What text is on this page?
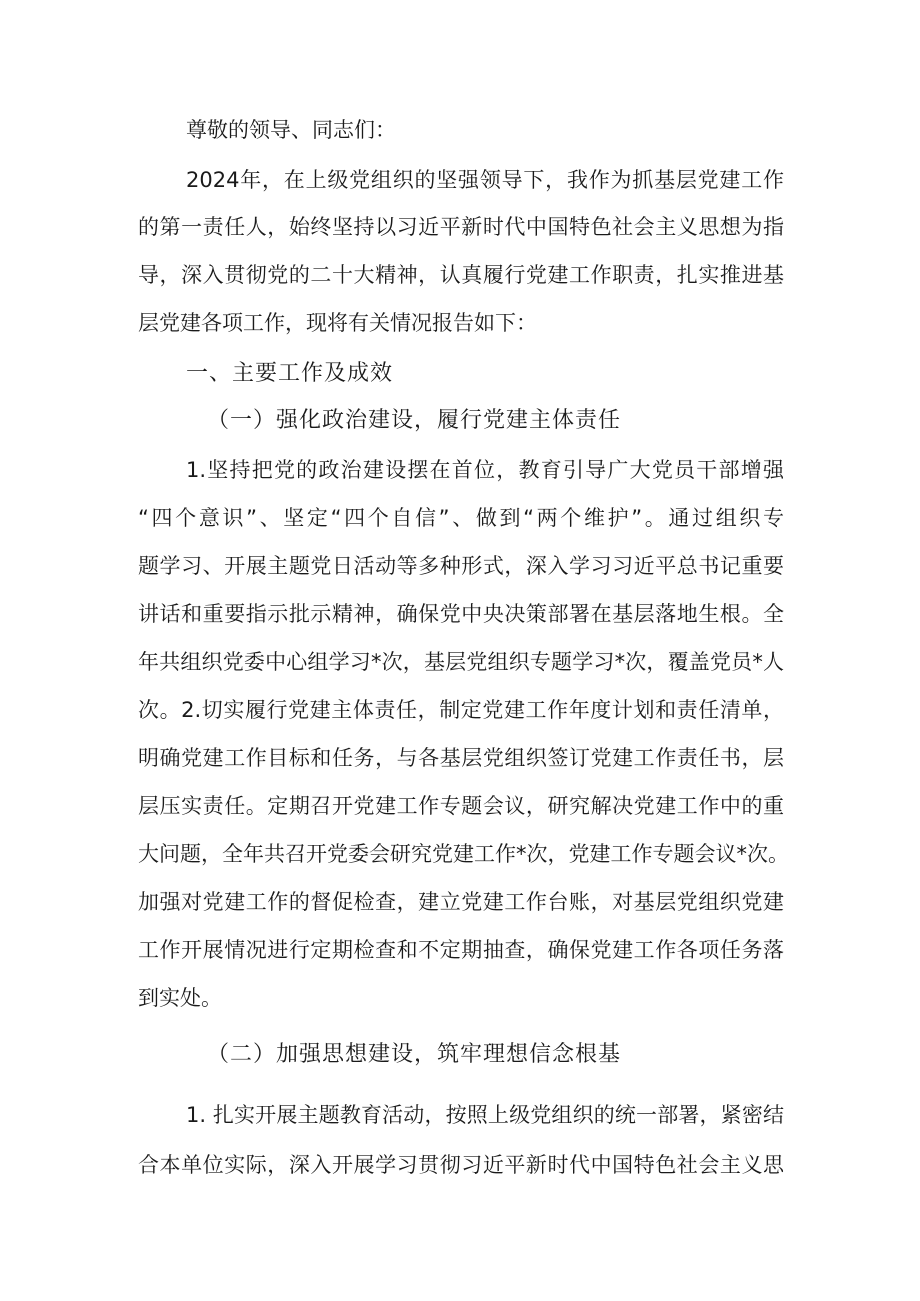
尊敬的领导、同志们：
2024年，在上级党组织的坚强领导下，我作为抓基层党建工作
的第一责任人，始终坚持以习近平新时代中国特色社会主义思想为指
导，深入贯彻党的二十大精神，认真履行党建工作职责，扎实推进基
层党建各项工作，现将有关情况报告如下：
一、主要工作及成效
（一）强化政治建设，履行党建主体责任
1.坚持把党的政治建设摆在首位，教育引导广大党员干部增强
“四个意识”、坚定“四个自信”、做到“两个维护”。通过组织专
题学习、开展主题党日活动等多种形式，深入学习习近平总书记重要
讲话和重要指示批示精神，确保党中央决策部署在基层落地生根。全
年共组织党委中心组学习*次，基层党组织专题学习*次，覆盖党员*人
次。2.切实履行党建主体责任，制定党建工作年度计划和责任清单，
明确党建工作目标和任务，与各基层党组织签订党建工作责任书，层
层压实责任。定期召开党建工作专题会议，研究解决党建工作中的重
大问题，全年共召开党委会研究党建工作*次，党建工作专题会议*次。
加强对党建工作的督促检查，建立党建工作台账，对基层党组织党建
工作开展情况进行定期检查和不定期抽查，确保党建工作各项任务落
到实处。
（二）加强思想建设，筑牢理想信念根基
1. 扎实开展主题教育活动，按照上级党组织的统一部署，紧密结
合本单位实际，深入开展学习贯彻习近平新时代中国特色社会主义思
